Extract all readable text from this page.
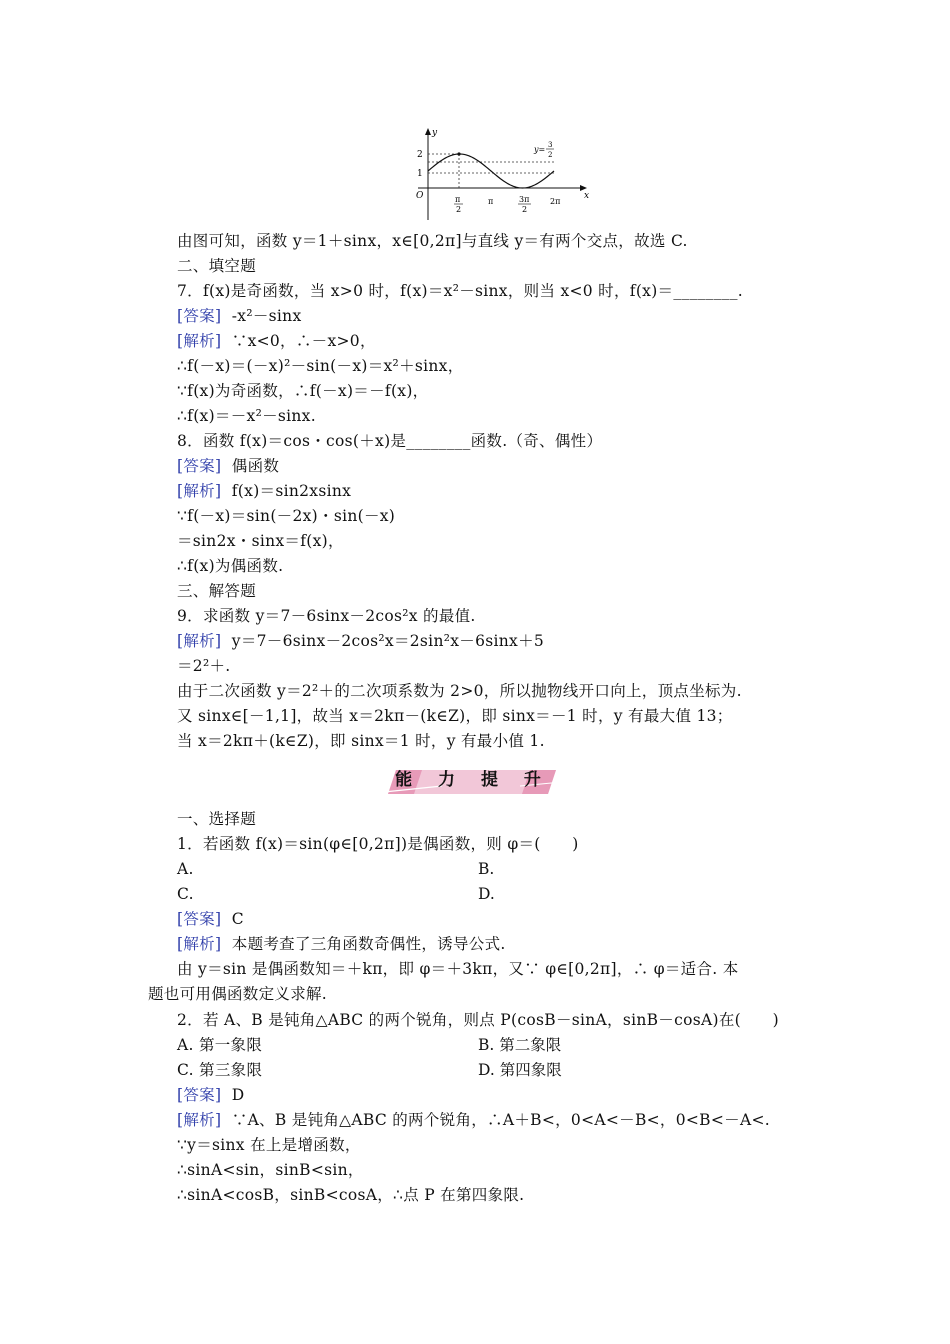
y
x
O
2
1
π
2
π	3π
2
2π
y= 3
2
由图可知，函数 y＝1＋sinx，x∈[0,2π]与直线 y＝有两个交点，故选 C.
二、填空题
7．f(x)是奇函数，当 x>0 时，f(x)＝x²－sinx，则当 x<0 时，f(x)＝________.
[答案] -x²－sinx
[解析] ∵x<0，∴－x>0，
∴f(－x)＝(－x)²－sin(－x)＝x²＋sinx，
∵f(x)为奇函数，∴f(－x)＝－f(x)，
∴f(x)＝－x²－sinx.
8．函数 f(x)＝cos・cos(＋x)是________函数.（奇、偶性）
[答案] 偶函数
[解析] f(x)＝sin2xsinx
∵f(－x)＝sin(－2x)・sin(－x)
＝sin2x・sinx＝f(x)，
∴f(x)为偶函数.
三、解答题
9．求函数 y＝7－6sinx－2cos²x 的最值.
[解析] y＝7－6sinx－2cos²x＝2sin²x－6sinx＋5
＝2²＋.
由于二次函数 y＝2²＋的二次项系数为 2>0，所以抛物线开口向上，顶点坐标为.
又 sinx∈[－1,1]，故当 x＝2kπ－(k∈Z)，即 sinx＝－1 时，y 有最大值 13；
当 x＝2kπ＋(k∈Z)，即 sinx＝1 时，y 有最小值 1.
能 力 提 升
一、选择题
1．若函数 f(x)＝sin(φ∈[0,2π])是偶函数，则 φ＝(　　)
A.	B.
C.	D.
[答案] C
[解析] 本题考查了三角函数奇偶性，诱导公式.
由 y＝sin 是偶函数知＝＋kπ，即 φ＝＋3kπ，又∵ φ∈[0,2π]，∴ φ＝适合. 本
题也可用偶函数定义求解.
2．若 A、B 是钝角△ABC 的两个锐角，则点 P(cosB－sinA，sinB－cosA)在(　　)
A. 第一象限	B. 第二象限
C. 第三象限	D. 第四象限
[答案] D
[解析] ∵A、B 是钝角△ABC 的两个锐角，∴A＋B<，0<A<－B<，0<B<－A<.
∵y＝sinx 在上是增函数，
∴sinA<sin，sinB<sin，
∴sinA<cosB，sinB<cosA，∴点 P 在第四象限.
